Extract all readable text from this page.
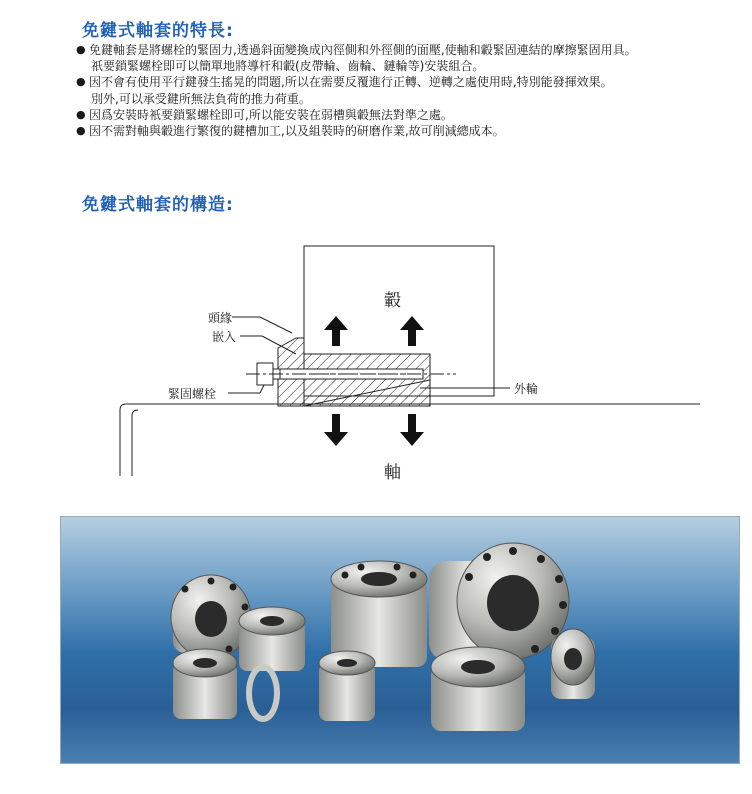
免鍵式軸套的特長:
● 免鍵軸套是將螺栓的緊固力,透過斜面變換成內徑側和外徑側的面壓,使軸和轂緊固連結的摩擦緊固用具。
祇要鎖緊螺栓即可以簡單地將導杆和轂(皮帶輪、齒輪、鏈輪等)安裝組合。
● 因不會有使用平行鍵發生搖晃的問題,所以在需要反覆進行正轉、逆轉之處使用時,特別能發揮效果。
別外,可以承受鍵所無法負荷的推力荷重。
● 因爲安裝時衹要鎖緊螺栓即可,所以能安裝在弱槽與轂無法對準之處。
● 因不需對軸與轂進行繁復的鍵槽加工,以及組裝時的研磨作業,故可削減總成本。
免鍵式軸套的構造:
轂
軸
頭緣
嵌入
緊固螺栓	外輪
